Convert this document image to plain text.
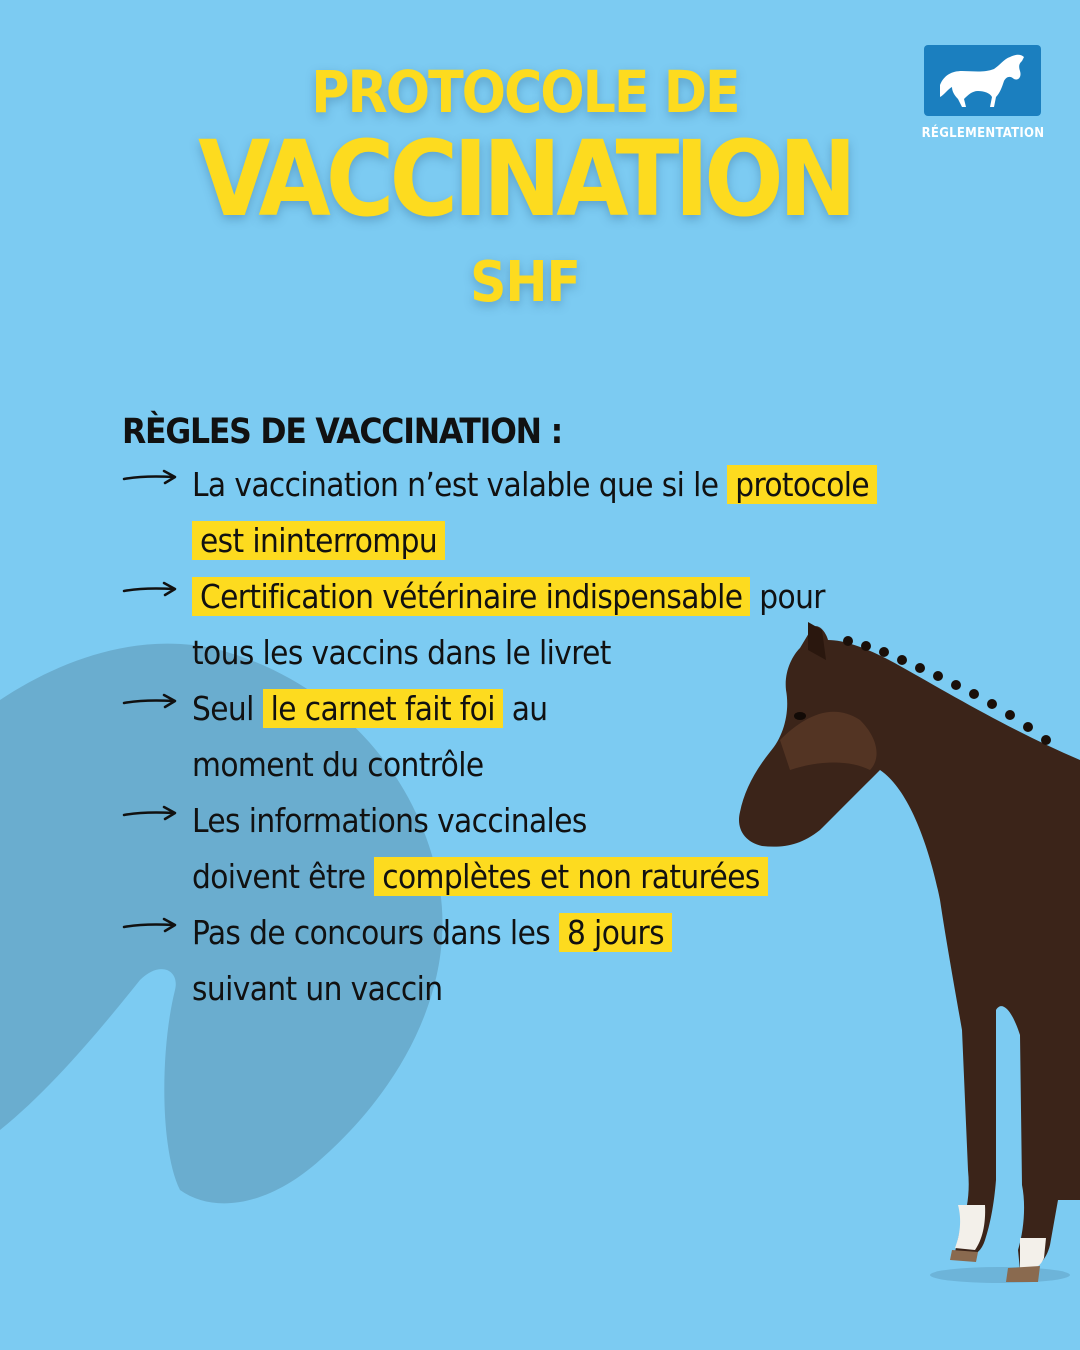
RÉGLEMENTATION
PROTOCOLE DE
VACCINATION
SHF
RÈGLES DE VACCINATION :
La vaccination n’est valable que si le protocole
est ininterrompu
Certification vétérinaire indispensable pour
tous les vaccins dans le livret
Seul le carnet fait foi au
moment du contrôle
Les informations vaccinales
doivent être complètes et non raturées
Pas de concours dans les 8 jours
suivant un vaccin
